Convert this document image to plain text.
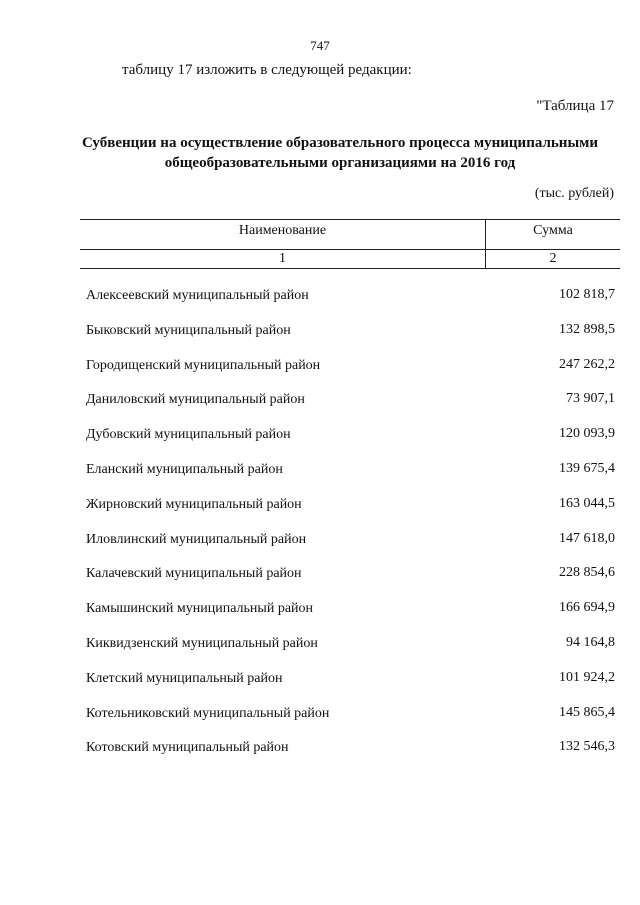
747
таблицу 17 изложить в следующей редакции:
"Таблица 17
Субвенции на осуществление образовательного процесса муниципальными
общеобразовательными организациями на 2016 год
(тыс. рублей)
Наименование	Сумма
1	2
Алексеевский муниципальный район	102 818,7
Быковский муниципальный район	132 898,5
Городищенский муниципальный район	247 262,2
Даниловский муниципальный район	73 907,1
Дубовский муниципальный район	120 093,9
Еланский муниципальный район	139 675,4
Жирновский муниципальный район	163 044,5
Иловлинский муниципальный район	147 618,0
Калачевский муниципальный район	228 854,6
Камышинский муниципальный район	166 694,9
Киквидзенский муниципальный район	94 164,8
Клетский муниципальный район	101 924,2
Котельниковский муниципальный район	145 865,4
Котовский муниципальный район	132 546,3
